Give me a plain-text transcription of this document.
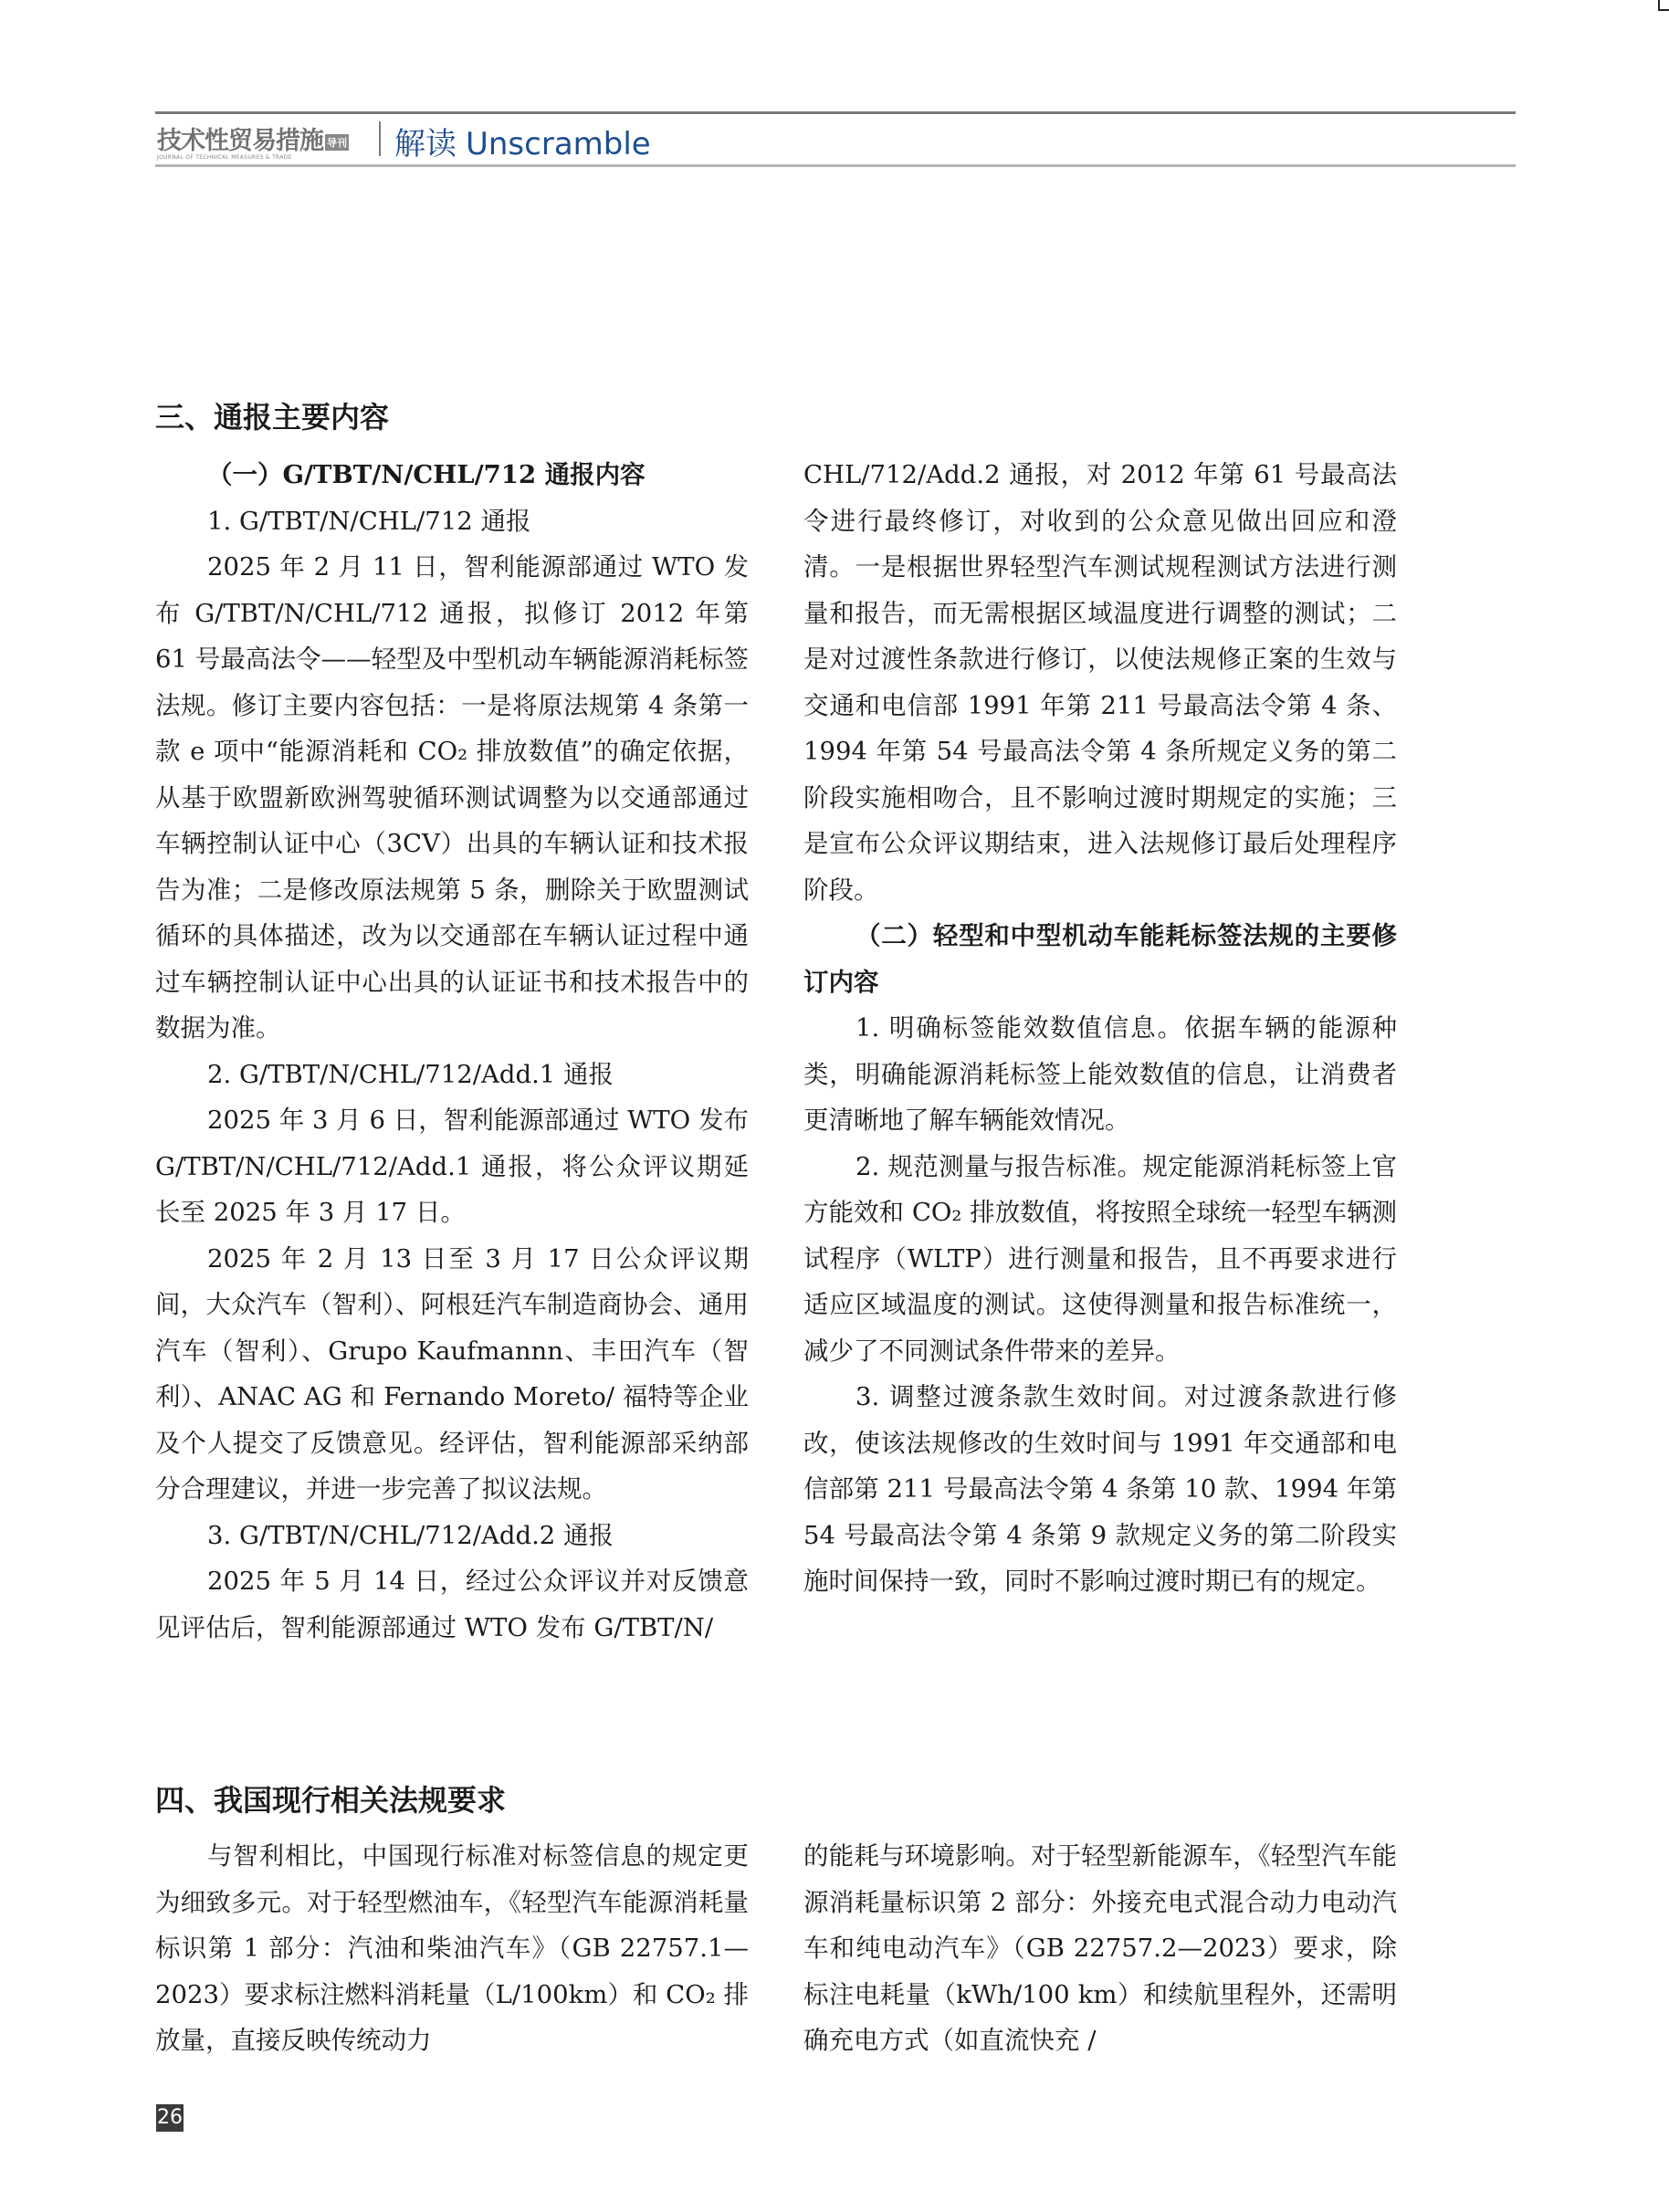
技术性贸易措施 导刊
JOURNAL OF TECHNICAL MEASURES & TRADE	解读 Unscramble
三、通报主要内容

（一）G/TBT/N/CHL/712 通报内容

1. G/TBT/N/CHL/712 通报

2025 年 2 月 11 日，智利能源部通过 WTO 发布 G/TBT/N/CHL/712 通报，拟修订 2012 年第 61 号最高法令——轻型及中型机动车辆能源消耗标签法规。修订主要内容包括：一是将原法规第 4 条第一款 e 项中“能源消耗和 CO₂ 排放数值”的确定依据，从基于欧盟新欧洲驾驶循环测试调整为以交通部通过车辆控制认证中心（3CV）出具的车辆认证和技术报告为准；二是修改原法规第 5 条，删除关于欧盟测试循环的具体描述，改为以交通部在车辆认证过程中通过车辆控制认证中心出具的认证证书和技术报告中的数据为准。

2. G/TBT/N/CHL/712/Add.1 通报

2025 年 3 月 6 日，智利能源部通过 WTO 发布 G/TBT/N/CHL/712/Add.1 通报，将公众评议期延长至 2025 年 3 月 17 日。

2025 年 2 月 13 日至 3 月 17 日公众评议期间，大众汽车（智利）、阿根廷汽车制造商协会、通用汽车（智利）、Grupo Kaufmannn、丰田汽车（智利）、ANAC AG 和 Fernando Moreto/ 福特等企业及个人提交了反馈意见。经评估，智利能源部采纳部分合理建议，并进一步完善了拟议法规。

3. G/TBT/N/CHL/712/Add.2 通报

2025 年 5 月 14 日，经过公众评议并对反馈意见评估后，智利能源部通过 WTO 发布 G/TBT/N/

CHL/712/Add.2 通报，对 2012 年第 61 号最高法令进行最终修订，对收到的公众意见做出回应和澄清。一是根据世界轻型汽车测试规程测试方法进行测量和报告，而无需根据区域温度进行调整的测试；二是对过渡性条款进行修订，以使法规修正案的生效与交通和电信部 1991 年第 211 号最高法令第 4 条、1994 年第 54 号最高法令第 4 条所规定义务的第二阶段实施相吻合，且不影响过渡时期规定的实施；三是宣布公众评议期结束，进入法规修订最后处理程序阶段。

（二）轻型和中型机动车能耗标签法规的主要修订内容

1. 明确标签能效数值信息。依据车辆的能源种类，明确能源消耗标签上能效数值的信息，让消费者更清晰地了解车辆能效情况。

2. 规范测量与报告标准。规定能源消耗标签上官方能效和 CO₂ 排放数值，将按照全球统一轻型车辆测试程序（WLTP）进行测量和报告，且不再要求进行适应区域温度的测试。这使得测量和报告标准统一，减少了不同测试条件带来的差异。

3. 调整过渡条款生效时间。对过渡条款进行修改，使该法规修改的生效时间与 1991 年交通部和电信部第 211 号最高法令第 4 条第 10 款、1994 年第 54 号最高法令第 4 条第 9 款规定义务的第二阶段实施时间保持一致，同时不影响过渡时期已有的规定。

四、我国现行相关法规要求

与智利相比，中国现行标准对标签信息的规定更为细致多元。对于轻型燃油车，《轻型汽车能源消耗量标识第 1 部分：汽油和柴油汽车》（GB 22757.1—2023）要求标注燃料消耗量（L/100km）和 CO₂ 排放量，直接反映传统动力

的能耗与环境影响。对于轻型新能源车，《轻型汽车能源消耗量标识第 2 部分：外接充电式混合动力电动汽车和纯电动汽车》（GB 22757.2—2023）要求，除标注电耗量（kWh/100 km）和续航里程外，还需明确充电方式（如直流快充 /

26
